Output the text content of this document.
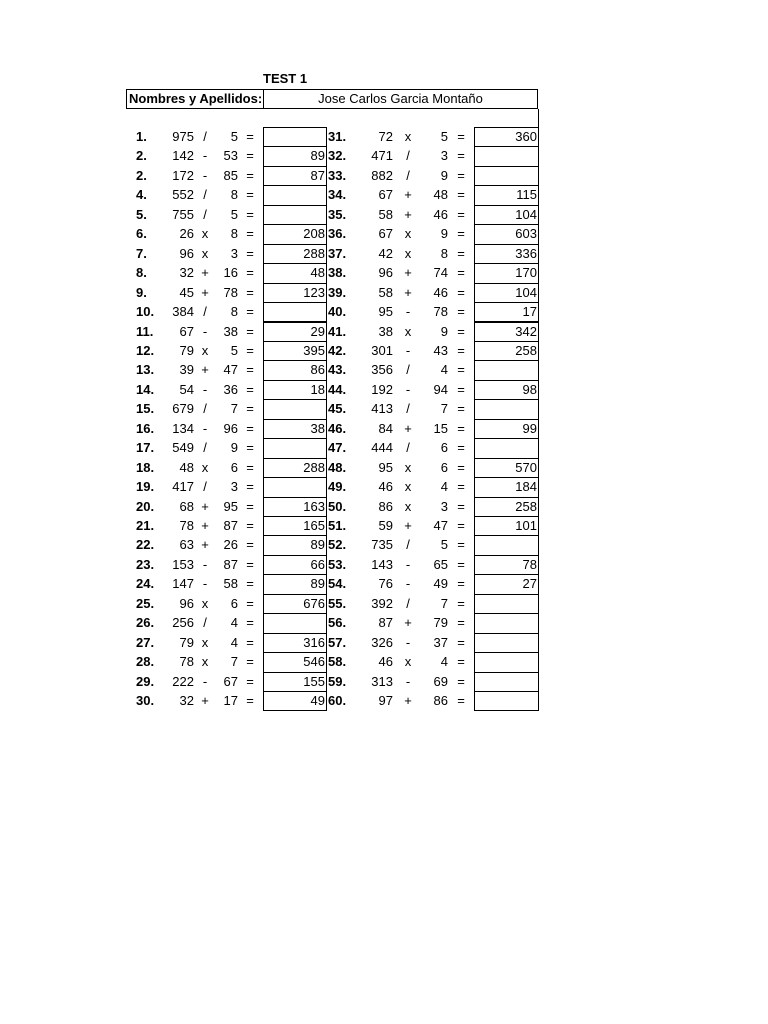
TEST 1
Nombres y Apellidos:	Jose Carlos Garcia Montaño
1.	975 /	5 =
2.	142 -	53 =	89
2.	172 -	85 =	87
4.	552 /	8 =
5.	755 /	5 =
6.	26 x	8 =	208
7.	96 x	3 =	288
8.	32 +	16 =	48
9.	45 +	78 =	123
10.	384 /	8 =
11.	67 -	38 =	29
12.	79 x	5 =	395
13.	39 +	47 =	86
14.	54 -	36 =	18
15.	679 /	7 =
16.	134 -	96 =	38
17.	549 /	9 =
18.	48 x	6 =	288
19.	417 /	3 =
20.	68 +	95 =	163
21.	78 +	87 =	165
22.	63 +	26 =	89
23.	153 -	87 =	66
24.	147 -	58 =	89
25.	96 x	6 =	676
26.	256 /	4 =
27.	79 x	4 =	316
28.	78 x	7 =	546
29.	222 -	67 =	155
30.	32 +	17 =	49
31.	72 x	5 =	360
32.	471	/	3 =
33.	882	/	9 =
34.	67 +	48 =	115
35.	58 +	46 =	104
36.	67 x	9 =	603
37.	42 x	8 =	336
38.	96 +	74 =	170
39.	58 +	46 =	104
40.	95 -	78 =	17
41.	38 x	9 =	342
42.	301 -	43 =	258
43.	356	/	4 =
44.	192 -	94 =	98
45.	413	/	7 =
46.	84 +	15 =	99
47.	444	/	6 =
48.	95 x	6 =	570
49.	46 x	4 =	184
50.	86 x	3 =	258
51.	59 +	47 =	101
52.	735	/	5 =
53.	143 -	65 =	78
54.	76 -	49 =	27
55.	392	/	7 =
56.	87 +	79 =
57.	326 -	37 =
58.	46 x	4 =
59.	313 -	69 =
60.	97 +	86 =
